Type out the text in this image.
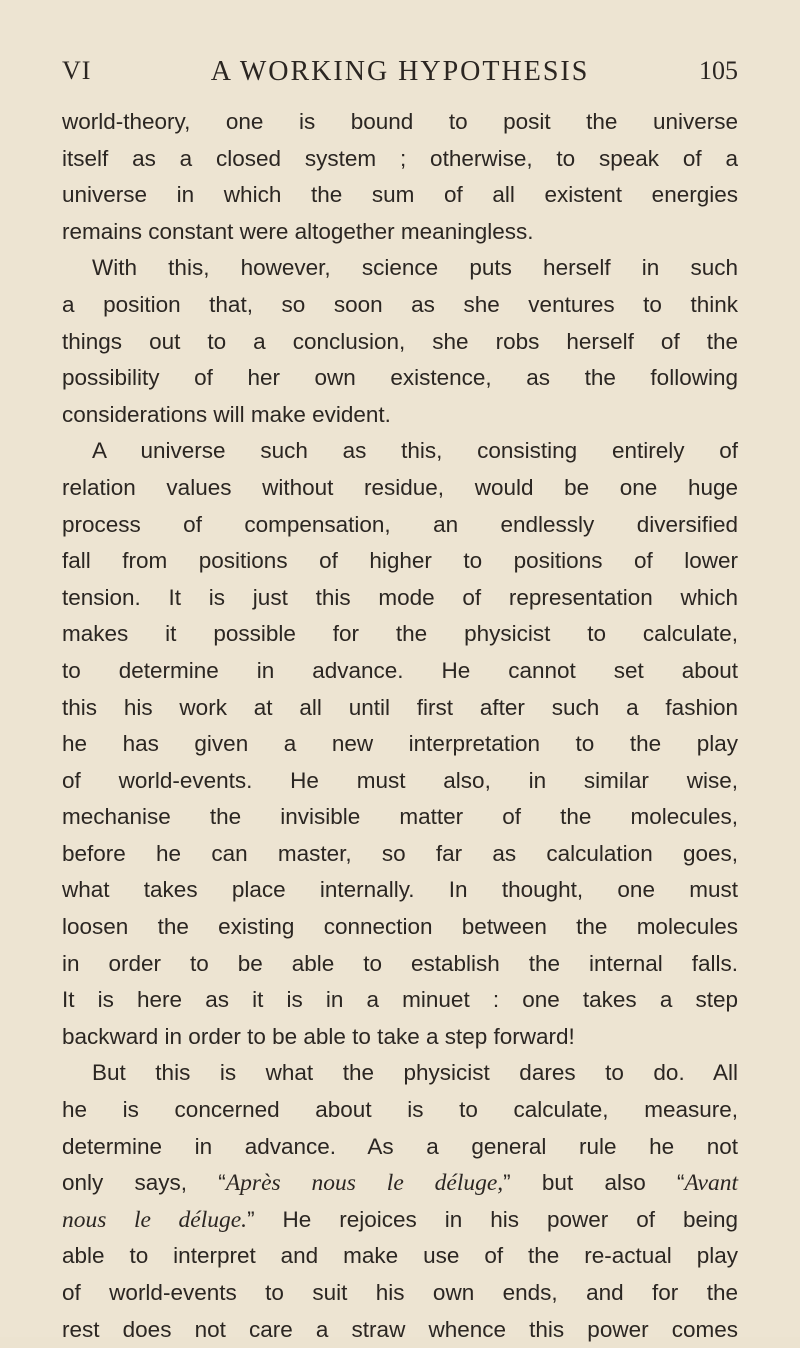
VI	A WORKING HYPOTHESIS	105
world-theory, one is bound to posit the universe
itself as a closed system ; otherwise, to speak of a
universe in which the sum of all existent energies
remains constant were altogether meaningless.
With this, however, science puts herself in such
a position that, so soon as she ventures to think
things out to a conclusion, she robs herself of the
possibility of her own existence, as the following
considerations will make evident.
A universe such as this, consisting entirely of
relation values without residue, would be one huge
process of compensation, an endlessly diversified
fall from positions of higher to positions of lower
tension. It is just this mode of representation which
makes it possible for the physicist to calculate,
to determine in advance. He cannot set about
this his work at all until first after such a fashion
he has given a new interpretation to the play
of world-events. He must also, in similar wise,
mechanise the invisible matter of the molecules,
before he can master, so far as calculation goes,
what takes place internally. In thought, one must
loosen the existing connection between the molecules
in order to be able to establish the internal falls.
It is here as it is in a minuet : one takes a step
backward in order to be able to take a step forward!
But this is what the physicist dares to do. All
he is concerned about is to calculate, measure,
determine in advance. As a general rule he not
only says, “Après nous le déluge,” but also “Avant
nous le déluge.” He rejoices in his power of being
able to interpret and make use of the re-actual play
of world-events to suit his own ends, and for the
rest does not care a straw whence this power comes
